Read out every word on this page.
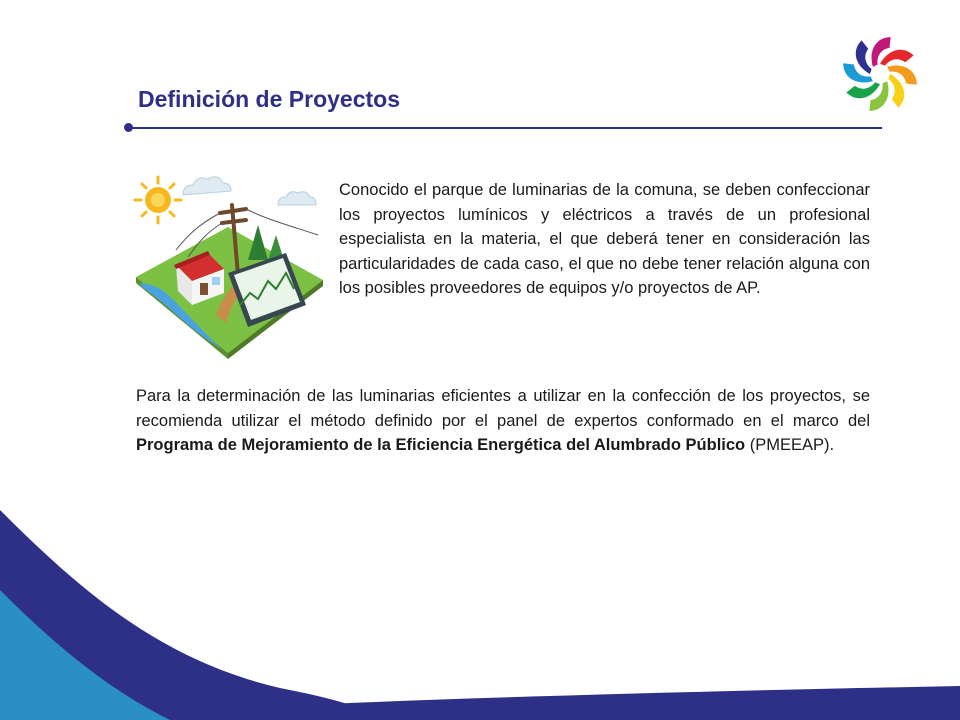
Definición de Proyectos

Conocido el parque de luminarias de la comuna, se deben confeccionar los proyectos lumínicos y eléctricos a través de un profesional especialista en la materia, el que deberá tener en consideración las particularidades de cada caso, el que no debe tener relación alguna con los posibles proveedores de equipos y/o proyectos de AP.

Para la determinación de las luminarias eficientes a utilizar en la confección de los proyectos, se recomienda utilizar el método definido por el panel de expertos conformado en el marco del Programa de Mejoramiento de la Eficiencia Energética del Alumbrado Público (PMEEAP).
